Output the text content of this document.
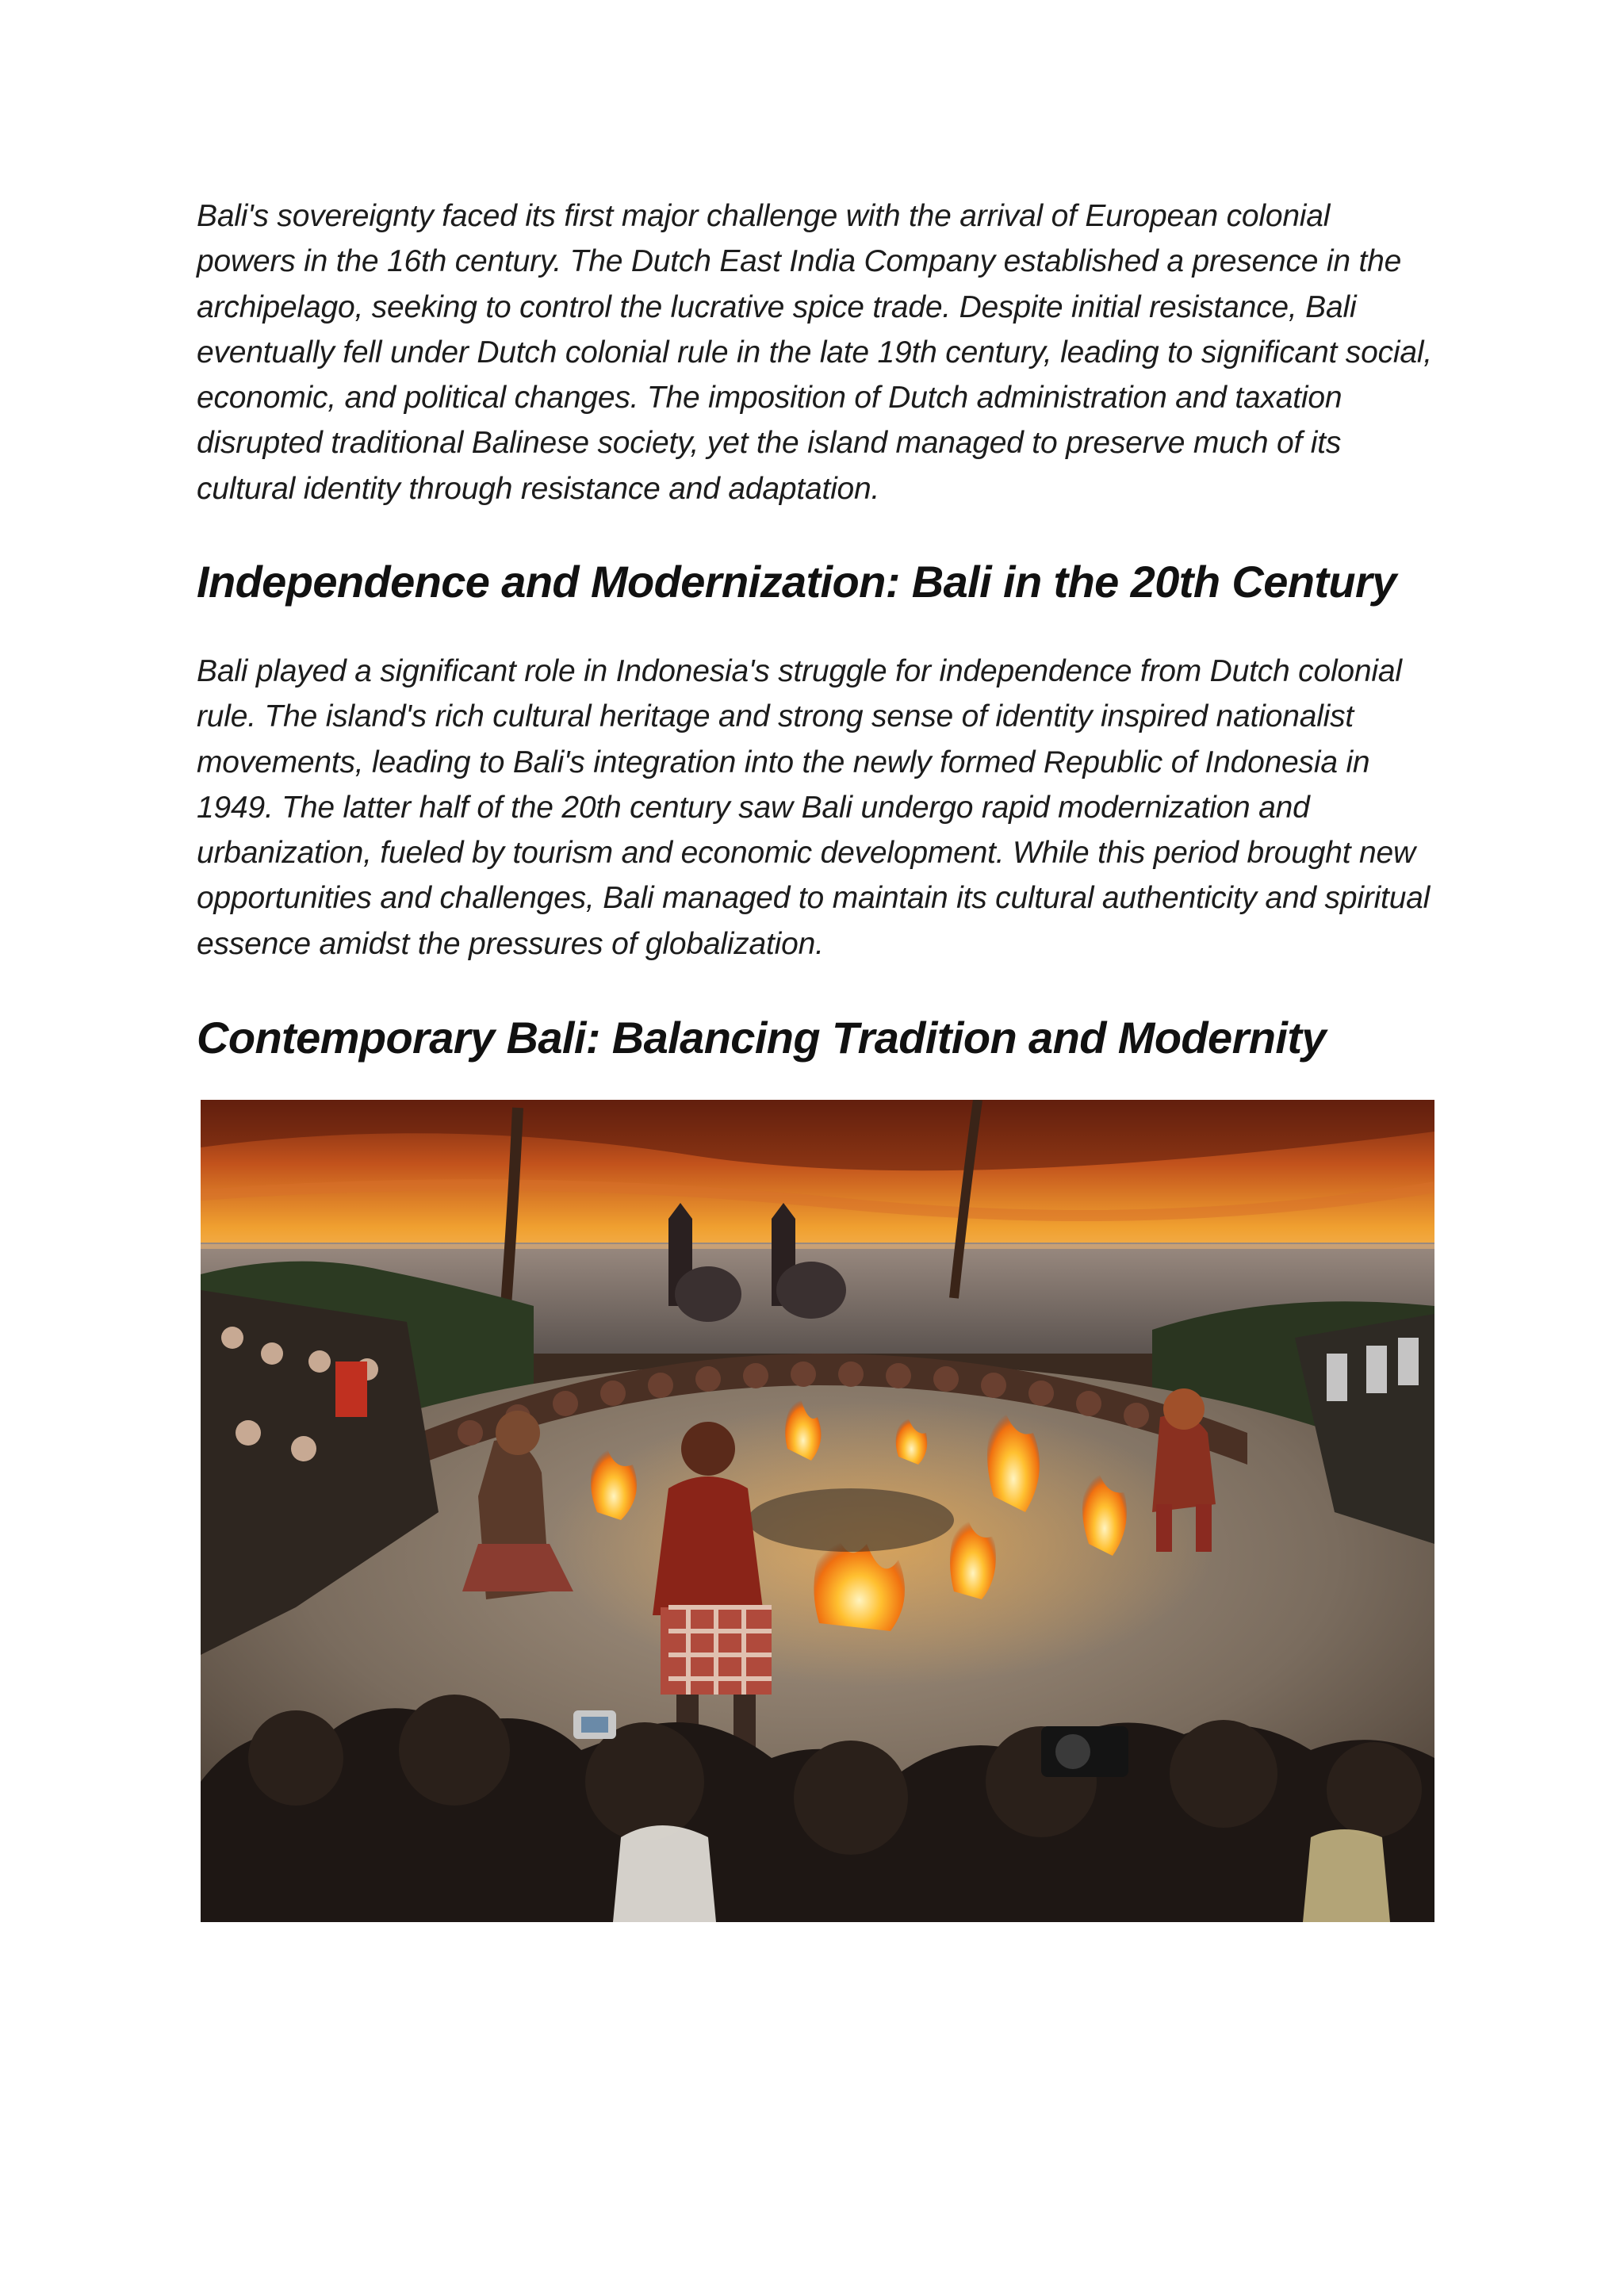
Bali's sovereignty faced its first major challenge with the arrival of European colonial powers in the 16th century. The Dutch East India Company established a presence in the archipelago, seeking to control the lucrative spice trade. Despite initial resistance, Bali eventually fell under Dutch colonial rule in the late 19th century, leading to significant social, economic, and political changes. The imposition of Dutch administration and taxation disrupted traditional Balinese society, yet the island managed to preserve much of its cultural identity through resistance and adaptation.

Independence and Modernization: Bali in the 20th Century

Bali played a significant role in Indonesia's struggle for independence from Dutch colonial rule. The island's rich cultural heritage and strong sense of identity inspired nationalist movements, leading to Bali's integration into the newly formed Republic of Indonesia in 1949. The latter half of the 20th century saw Bali undergo rapid modernization and urbanization, fueled by tourism and economic development. While this period brought new opportunities and challenges, Bali managed to maintain its cultural authenticity and spiritual essence amidst the pressures of globalization.

Contemporary Bali: Balancing Tradition and Modernity
